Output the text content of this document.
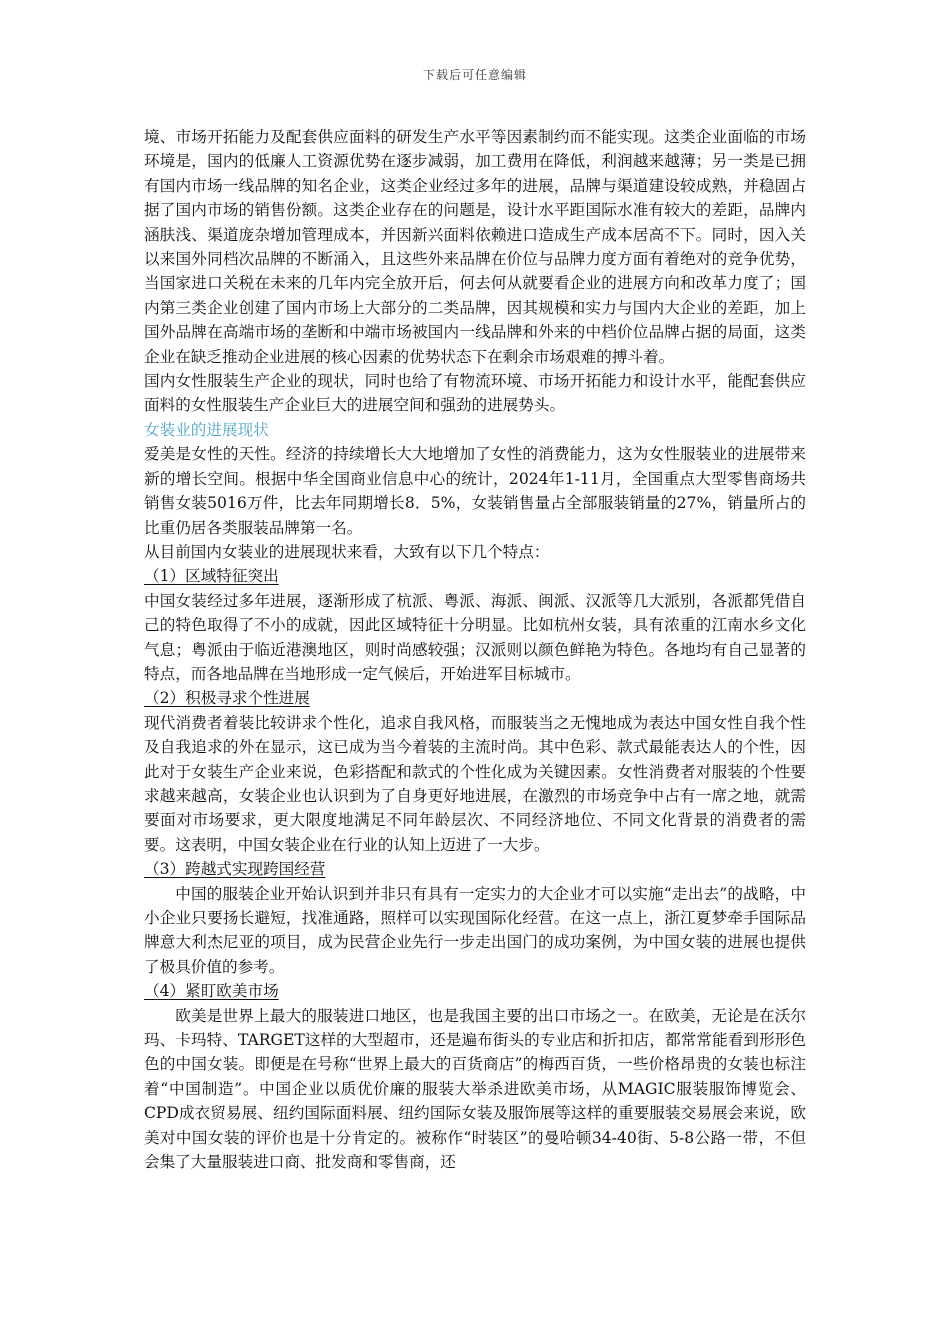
下载后可任意编辑

境、市场开拓能力及配套供应面料的研发生产水平等因素制约而不能实现。这类企业面临的市场环境是，国内的低廉人工资源优势在逐步减弱，加工费用在降低，利润越来越薄；另一类是已拥有国内市场一线品牌的知名企业，这类企业经过多年的进展，品牌与渠道建设较成熟，并稳固占据了国内市场的销售份额。这类企业存在的问题是，设计水平距国际水准有较大的差距，品牌内涵肤浅、渠道庞杂增加管理成本，并因新兴面料依赖进口造成生产成本居高不下。同时，因入关以来国外同档次品牌的不断涌入，且这些外来品牌在价位与品牌力度方面有着绝对的竞争优势，当国家进口关税在未来的几年内完全放开后，何去何从就要看企业的进展方向和改革力度了；国内第三类企业创建了国内市场上大部分的二类品牌，因其规模和实力与国内大企业的差距，加上国外品牌在高端市场的垄断和中端市场被国内一线品牌和外来的中档价位品牌占据的局面，这类企业在缺乏推动企业进展的核心因素的优势状态下在剩余市场艰难的搏斗着。

国内女性服装生产企业的现状，同时也给了有物流环境、市场开拓能力和设计水平，能配套供应面料的女性服装生产企业巨大的进展空间和强劲的进展势头。

女装业的进展现状

爱美是女性的天性。经济的持续增长大大地增加了女性的消费能力，这为女性服装业的进展带来新的增长空间。根据中华全国商业信息中心的统计，2024年1-11月，全国重点大型零售商场共销售女装5016万件，比去年同期增长8．5%，女装销售量占全部服装销量的27%，销量所占的比重仍居各类服装品牌第一名。

从目前国内女装业的进展现状来看，大致有以下几个特点：

（1）区域特征突出

中国女装经过多年进展，逐渐形成了杭派、粤派、海派、闽派、汉派等几大派别，各派都凭借自己的特色取得了不小的成就，因此区域特征十分明显。比如杭州女装，具有浓重的江南水乡文化气息；粤派由于临近港澳地区，则时尚感较强；汉派则以颜色鲜艳为特色。各地均有自己显著的特点，而各地品牌在当地形成一定气候后，开始进军目标城市。

（2）积极寻求个性进展

现代消费者着装比较讲求个性化，追求自我风格，而服装当之无愧地成为表达中国女性自我个性及自我追求的外在显示，这已成为当今着装的主流时尚。其中色彩、款式最能表达人的个性，因此对于女装生产企业来说，色彩搭配和款式的个性化成为关键因素。女性消费者对服装的个性要求越来越高，女装企业也认识到为了自身更好地进展，在激烈的市场竞争中占有一席之地，就需要面对市场要求，更大限度地满足不同年龄层次、不同经济地位、不同文化背景的消费者的需要。这表明，中国女装企业在行业的认知上迈进了一大步。

（3）跨越式实现跨国经营

中国的服装企业开始认识到并非只有具有一定实力的大企业才可以实施“走出去”的战略，中小企业只要扬长避短，找准通路，照样可以实现国际化经营。在这一点上，浙江夏梦牵手国际品牌意大利杰尼亚的项目，成为民营企业先行一步走出国门的成功案例，为中国女装的进展也提供了极具价值的参考。

（4）紧盯欧美市场

欧美是世界上最大的服装进口地区，也是我国主要的出口市场之一。在欧美，无论是在沃尔玛、卡玛特、TARGET这样的大型超市，还是遍布街头的专业店和折扣店，都常常能看到形形色色的中国女装。即便是在号称“世界上最大的百货商店”的梅西百货，一些价格昂贵的女装也标注着“中国制造”。中国企业以质优价廉的服装大举杀进欧美市场，从MAGIC服装服饰博览会、CPD成衣贸易展、纽约国际面料展、纽约国际女装及服饰展等这样的重要服装交易展会来说，欧美对中国女装的评价也是十分肯定的。被称作“时装区”的曼哈顿34-40街、5-8公路一带，不但会集了大量服装进口商、批发商和零售商，还
